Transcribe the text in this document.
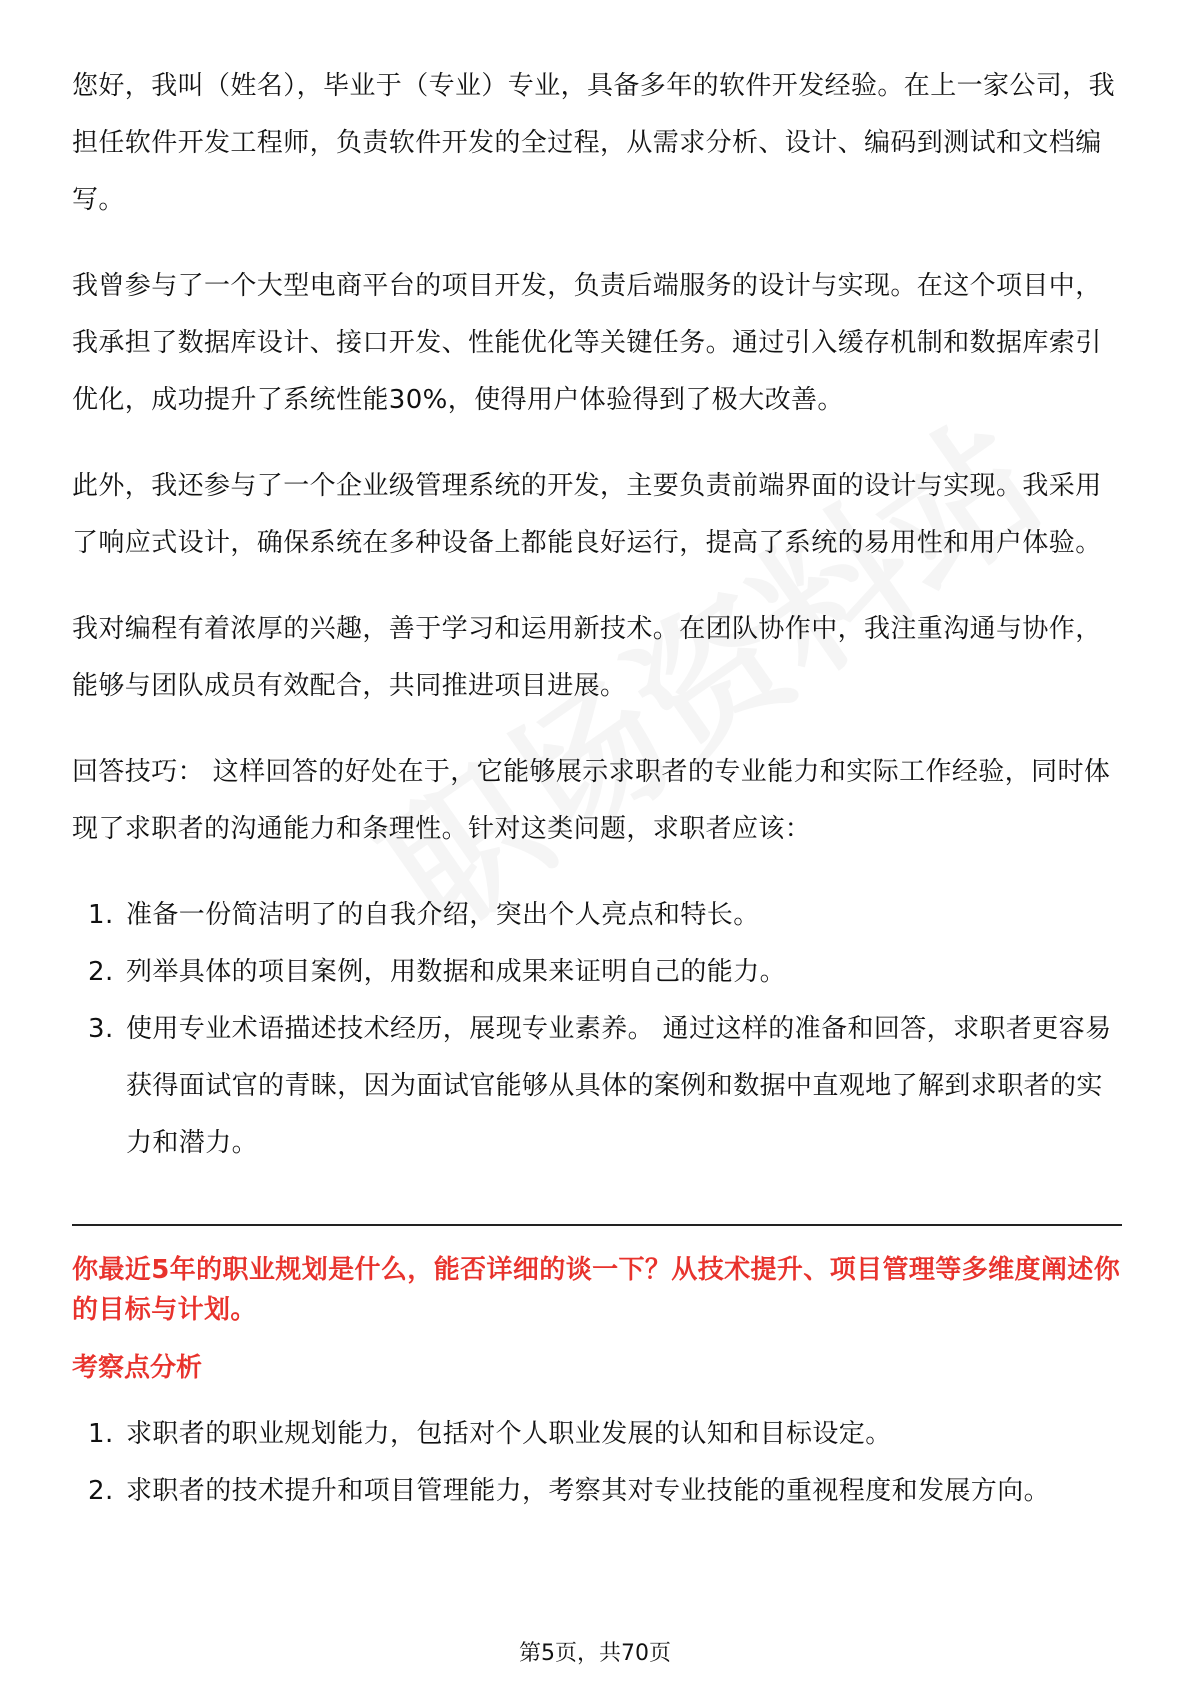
您好，我叫（姓名），毕业于（专业）专业，具备多年的软件开发经验。在上一家公司，我担任软件开发工程师，负责软件开发的全过程，从需求分析、设计、编码到测试和文档编写。

我曾参与了一个大型电商平台的项目开发，负责后端服务的设计与实现。在这个项目中，我承担了数据库设计、接口开发、性能优化等关键任务。通过引入缓存机制和数据库索引优化，成功提升了系统性能30%，使得用户体验得到了极大改善。

此外，我还参与了一个企业级管理系统的开发，主要负责前端界面的设计与实现。我采用了响应式设计，确保系统在多种设备上都能良好运行，提高了系统的易用性和用户体验。

我对编程有着浓厚的兴趣，善于学习和运用新技术。在团队协作中，我注重沟通与协作，能够与团队成员有效配合，共同推进项目进展。

回答技巧： 这样回答的好处在于，它能够展示求职者的专业能力和实际工作经验，同时体现了求职者的沟通能力和条理性。针对这类问题，求职者应该：

1. 准备一份简洁明了的自我介绍，突出个人亮点和特长。
2. 列举具体的项目案例，用数据和成果来证明自己的能力。
3. 使用专业术语描述技术经历，展现专业素养。 通过这样的准备和回答，求职者更容易获得面试官的青睐，因为面试官能够从具体的案例和数据中直观地了解到求职者的实力和潜力。

你最近5年的职业规划是什么，能否详细的谈一下？从技术提升、项目管理等多维度阐述你的目标与计划。

考察点分析

1. 求职者的职业规划能力，包括对个人职业发展的认知和目标设定。
2. 求职者的技术提升和项目管理能力，考察其对专业技能的重视程度和发展方向。
第5页，共70页
